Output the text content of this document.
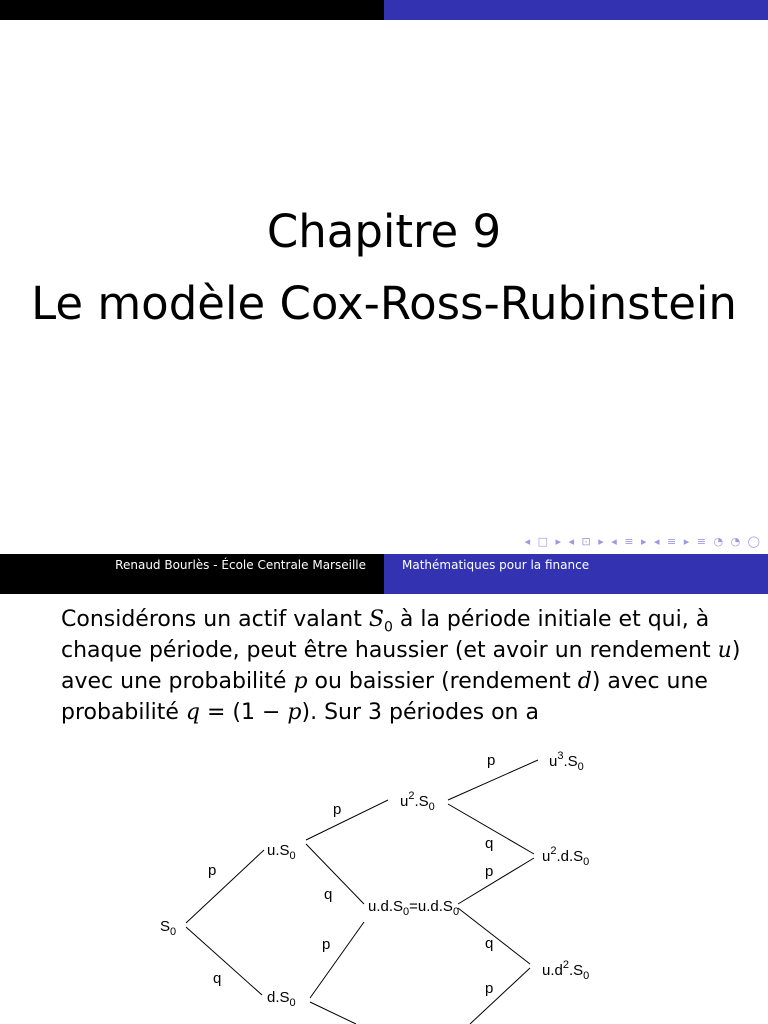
Chapitre 9
Le modèle Cox-Ross-Rubinstein
◂ □ ▸ ◂ ⊡ ▸ ◂ ≡ ▸ ◂ ≡ ▸ ≡ ◔ ◔ ◯
Renaud Bourlès - École Centrale Marseille	Mathématiques pour la finance
Considérons un actif valant $S_0$ à la période initiale et qui, à chaque période, peut être haussier (et avoir un rendement u) avec une probabilité p ou baissier (rendement d) avec une probabilité q = (1 − p). Sur 3 périodes on a
$S_0$
$u.S_0$
$d.S_0$
$u^2.S_0$
$u.d.S_0=u.d.S_0$
$u^3.S_0$
$u^2.d.S_0$
$u.d^2.S_0$
p
q
p
q
p
p
q
p
q
p
